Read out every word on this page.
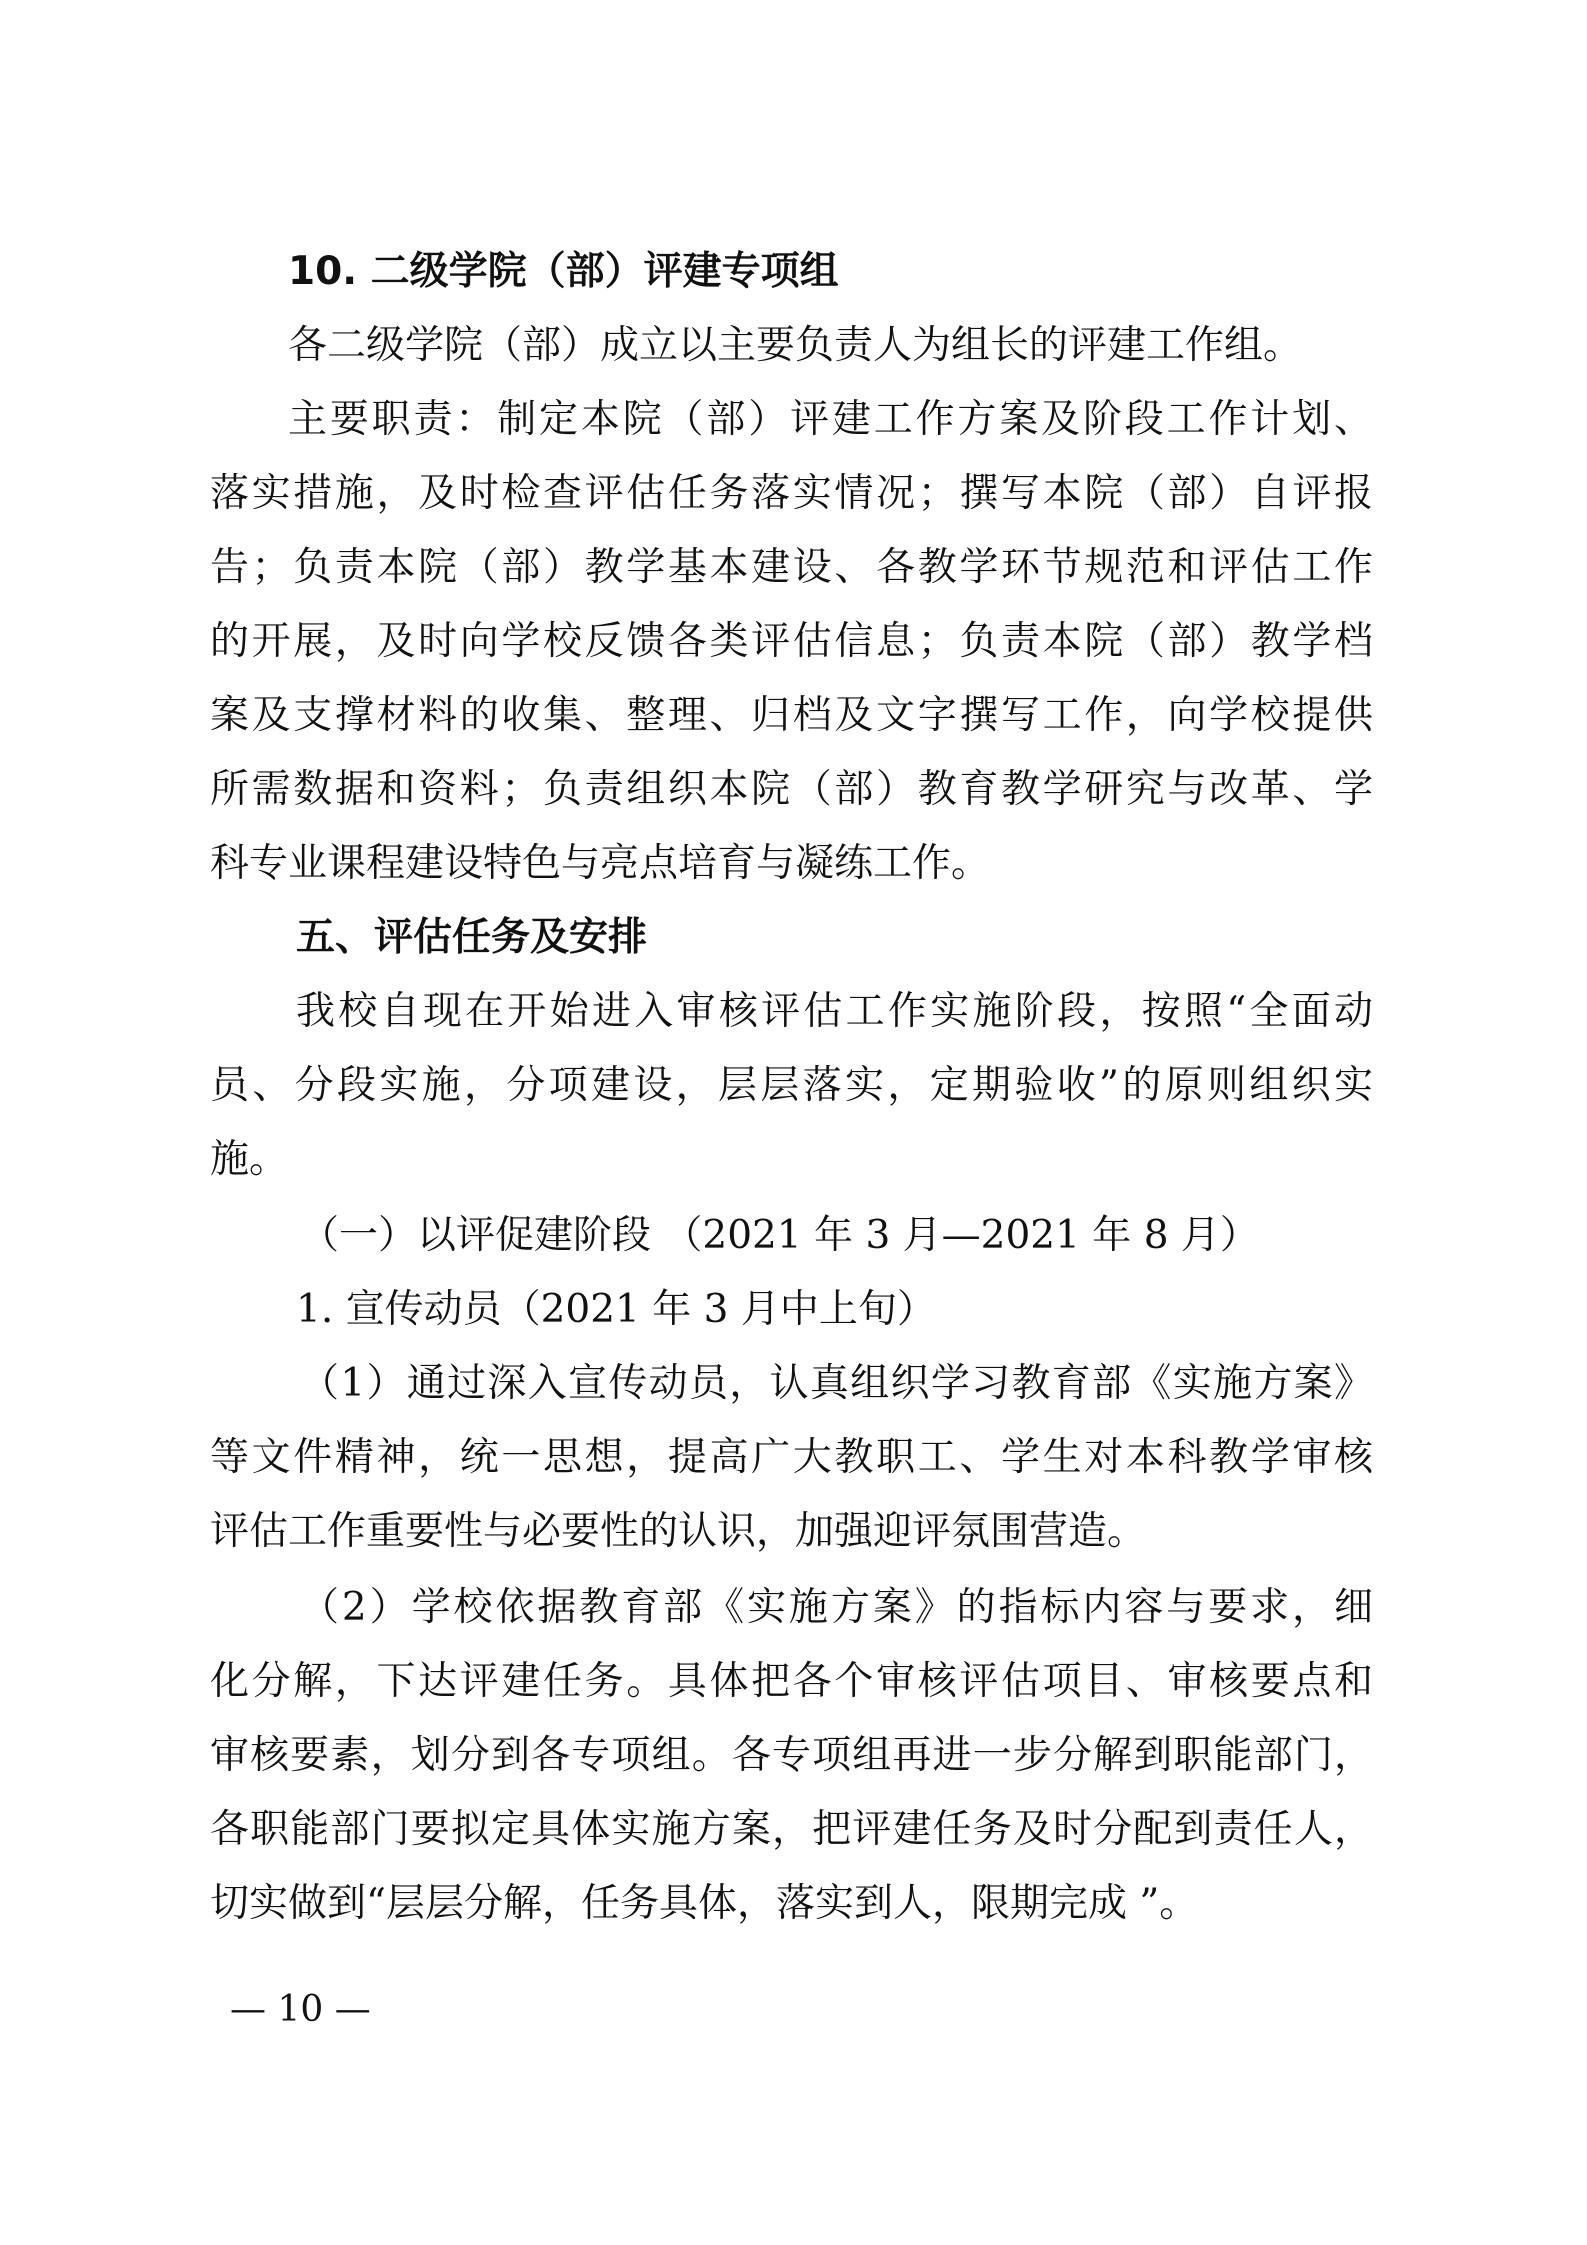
10. 二级学院（部）评建专项组
各二级学院（部）成立以主要负责人为组长的评建工作组。
主要职责：制定本院（部）评建工作方案及阶段工作计划、
落实措施，及时检查评估任务落实情况；撰写本院（部）自评报
告；负责本院（部）教学基本建设、各教学环节规范和评估工作
的开展，及时向学校反馈各类评估信息；负责本院（部）教学档
案及支撑材料的收集、整理、归档及文字撰写工作，向学校提供
所需数据和资料；负责组织本院（部）教育教学研究与改革、学
科专业课程建设特色与亮点培育与凝练工作。
五、评估任务及安排
我校自现在开始进入审核评估工作实施阶段，按照“全面动
员、分段实施，分项建设，层层落实，定期验收”的原则组织实
施。
（一）以评促建阶段 （2021 年 3 月—2021 年 8 月）
1. 宣传动员（2021 年 3 月中上旬）
（1）通过深入宣传动员，认真组织学习教育部《实施方案》
等文件精神，统一思想，提高广大教职工、学生对本科教学审核
评估工作重要性与必要性的认识，加强迎评氛围营造。
（2）学校依据教育部《实施方案》的指标内容与要求，细
化分解，下达评建任务。具体把各个审核评估项目、审核要点和
审核要素，划分到各专项组。各专项组再进一步分解到职能部门，
各职能部门要拟定具体实施方案，把评建任务及时分配到责任人，
切实做到“层层分解，任务具体，落实到人，限期完成 ”。
— 10 —
